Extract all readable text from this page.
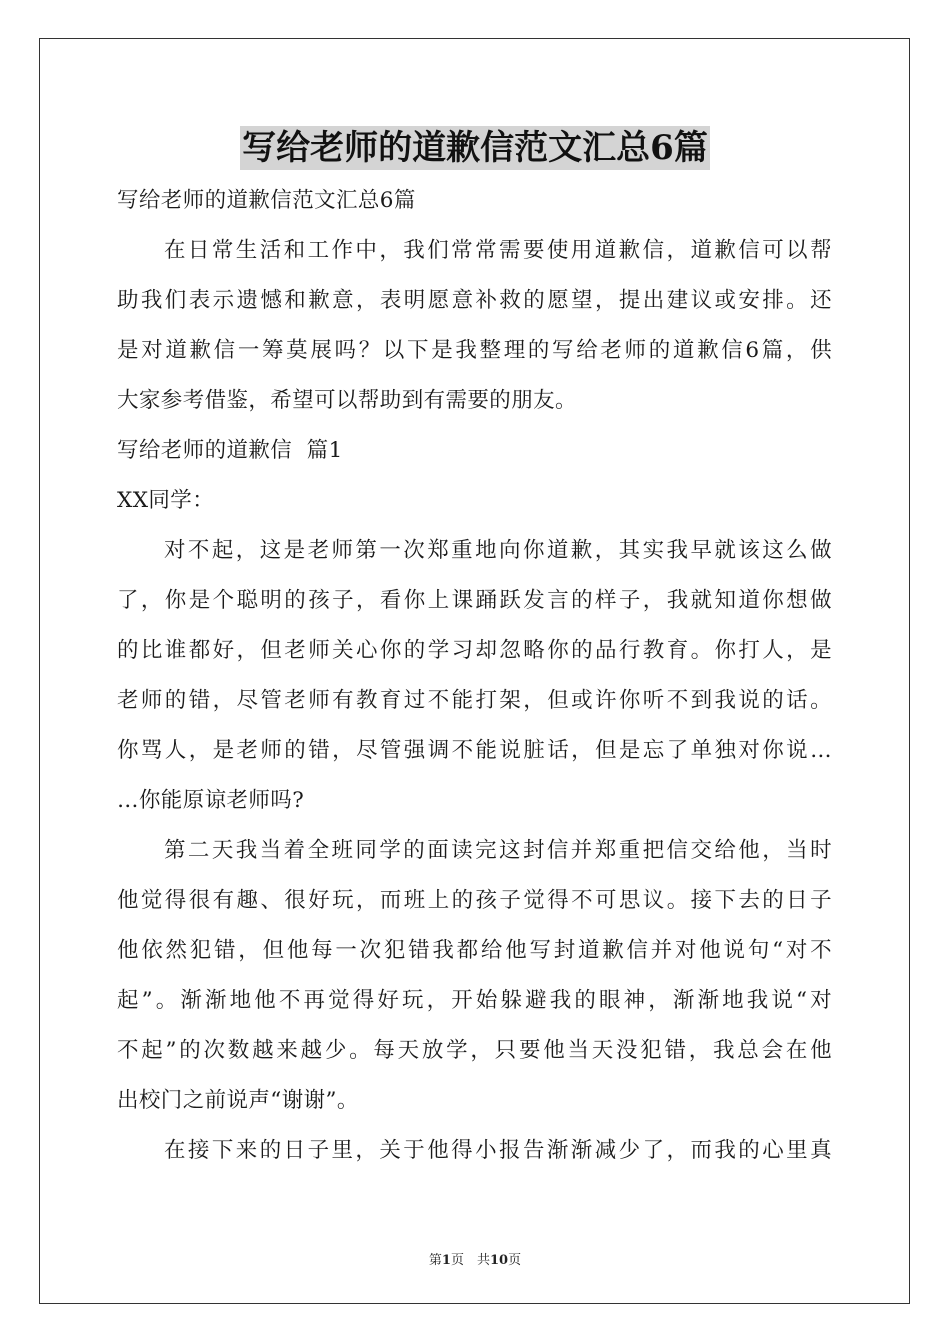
写给老师的道歉信范文汇总6篇
写给老师的道歉信范文汇总6篇
在日常生活和工作中，我们常常需要使用道歉信，道歉信可以帮
助我们表示遗憾和歉意，表明愿意补救的愿望，提出建议或安排。还
是对道歉信一筹莫展吗？以下是我整理的写给老师的道歉信6篇，供
大家参考借鉴，希望可以帮助到有需要的朋友。
写给老师的道歉信  篇1
XX同学：
对不起，这是老师第一次郑重地向你道歉，其实我早就该这么做
了，你是个聪明的孩子，看你上课踊跃发言的样子，我就知道你想做
的比谁都好，但老师关心你的学习却忽略你的品行教育。你打人，是
老师的错，尽管老师有教育过不能打架，但或许你听不到我说的话。
你骂人，是老师的错，尽管强调不能说脏话，但是忘了单独对你说…
…你能原谅老师吗?
第二天我当着全班同学的面读完这封信并郑重把信交给他，当时
他觉得很有趣、很好玩，而班上的孩子觉得不可思议。接下去的日子
他依然犯错，但他每一次犯错我都给他写封道歉信并对他说句“对不
起”。渐渐地他不再觉得好玩，开始躲避我的眼神，渐渐地我说“对
不起”的次数越来越少。每天放学，只要他当天没犯错，我总会在他
出校门之前说声“谢谢”。
在接下来的日子里，关于他得小报告渐渐减少了，而我的心里真
第1页　共10页
